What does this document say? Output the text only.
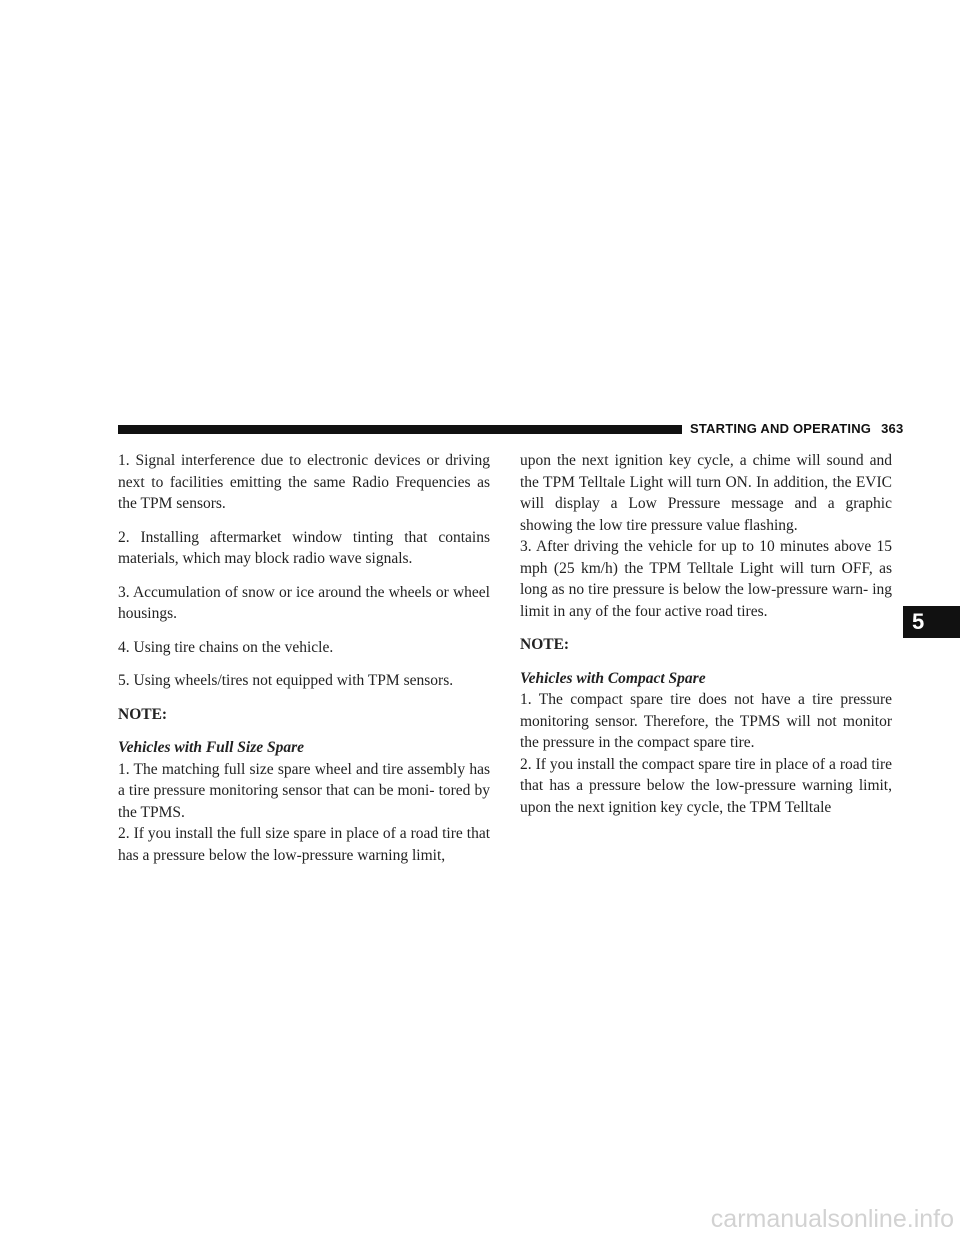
STARTING AND OPERATING 363

1. Signal interference due to electronic devices or driving next to facilities emitting the same Radio Frequencies as the TPM sensors.

2. Installing aftermarket window tinting that contains materials, which may block radio wave signals.

3. Accumulation of snow or ice around the wheels or wheel housings.

4. Using tire chains on the vehicle.

5. Using wheels/tires not equipped with TPM sensors.

NOTE:
Vehicles with Full Size Spare

1. The matching full size spare wheel and tire assembly has a tire pressure monitoring sensor that can be moni- tored by the TPMS.

2. If you install the full size spare in place of a road tire that has a pressure below the low-pressure warning limit,

upon the next ignition key cycle, a chime will sound and the TPM Telltale Light will turn ON. In addition, the EVIC will display a Low Pressure message and a graphic showing the low tire pressure value flashing.

3. After driving the vehicle for up to 10 minutes above 15 mph (25 km/h) the TPM Telltale Light will turn OFF, as long as no tire pressure is below the low-pressure warn- ing limit in any of the four active road tires.

NOTE:
Vehicles with Compact Spare

1. The compact spare tire does not have a tire pressure monitoring sensor. Therefore, the TPMS will not monitor the pressure in the compact spare tire.

2. If you install the compact spare tire in place of a road tire that has a pressure below the low-pressure warning limit, upon the next ignition key cycle, the TPM Telltale

5
carmanualsonline.info
